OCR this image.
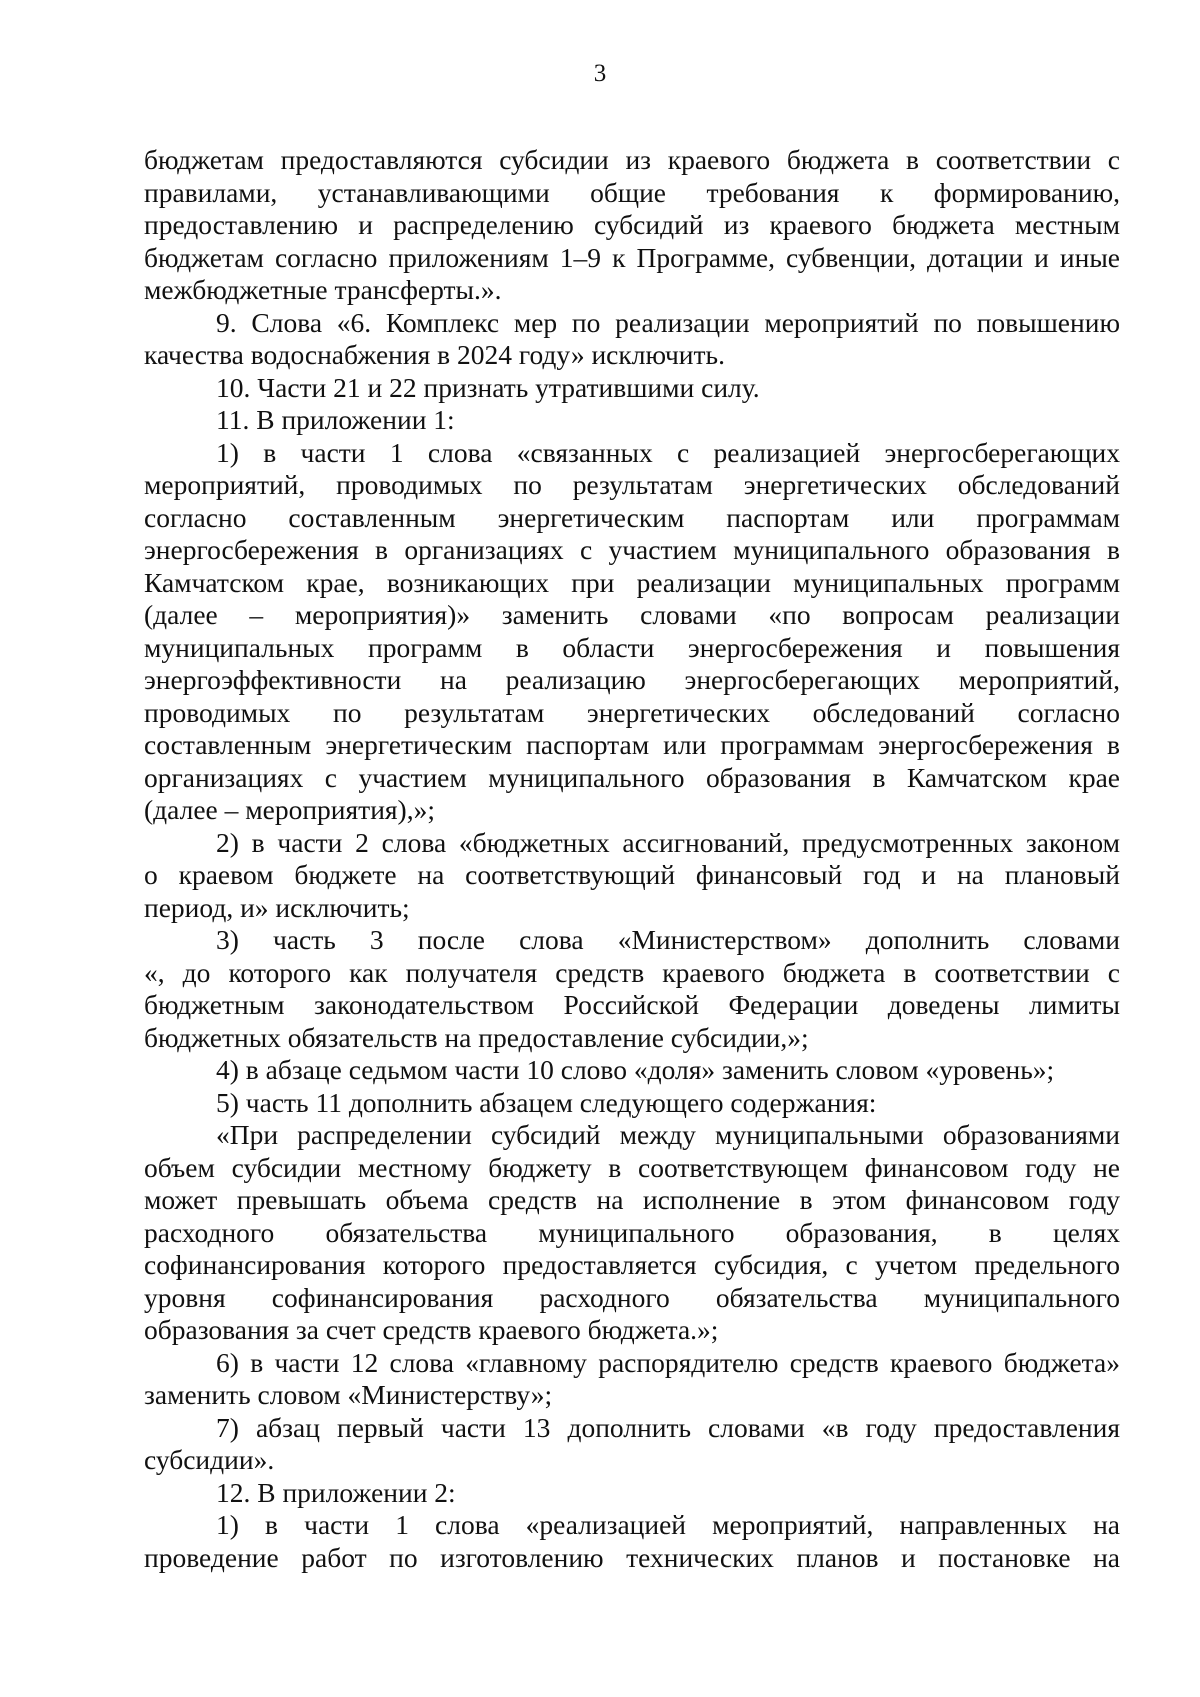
3
бюджетам предоставляются субсидии из краевого бюджета в соответствии с
правилами, устанавливающими общие требования к формированию,
предоставлению и распределению субсидий из краевого бюджета местным
бюджетам согласно приложениям 1–9 к Программе, субвенции, дотации и иные
межбюджетные трансферты.».
9. Слова «6. Комплекс мер по реализации мероприятий по повышению
качества водоснабжения в 2024 году» исключить.
10. Части 21 и 22 признать утратившими силу.
11. В приложении 1:
1) в части 1 слова «связанных с реализацией энергосберегающих
мероприятий, проводимых по результатам энергетических обследований
согласно составленным энергетическим паспортам или программам
энергосбережения в организациях с участием муниципального образования в
Камчатском крае, возникающих при реализации муниципальных программ
(далее – мероприятия)» заменить словами «по вопросам реализации
муниципальных программ в области энергосбережения и повышения
энергоэффективности на реализацию энергосберегающих мероприятий,
проводимых по результатам энергетических обследований согласно
составленным энергетическим паспортам или программам энергосбережения в
организациях с участием муниципального образования в Камчатском крае
(далее – мероприятия),»;
2) в части 2 слова «бюджетных ассигнований, предусмотренных законом
о краевом бюджете на соответствующий финансовый год и на плановый
период, и» исключить;
3) часть 3 после слова «Министерством» дополнить словами
«, до которого как получателя средств краевого бюджета в соответствии с
бюджетным законодательством Российской Федерации доведены лимиты
бюджетных обязательств на предоставление субсидии,»;
4) в абзаце седьмом части 10 слово «доля» заменить словом «уровень»;
5) часть 11 дополнить абзацем следующего содержания:
«При распределении субсидий между муниципальными образованиями
объем субсидии местному бюджету в соответствующем финансовом году не
может превышать объема средств на исполнение в этом финансовом году
расходного обязательства муниципального образования, в целях
софинансирования которого предоставляется субсидия, с учетом предельного
уровня софинансирования расходного обязательства муниципального
образования за счет средств краевого бюджета.»;
6) в части 12 слова «главному распорядителю средств краевого бюджета»
заменить словом «Министерству»;
7) абзац первый части 13 дополнить словами «в году предоставления
субсидии».
12. В приложении 2:
1) в части 1 слова «реализацией мероприятий, направленных на
проведение работ по изготовлению технических планов и постановке на
